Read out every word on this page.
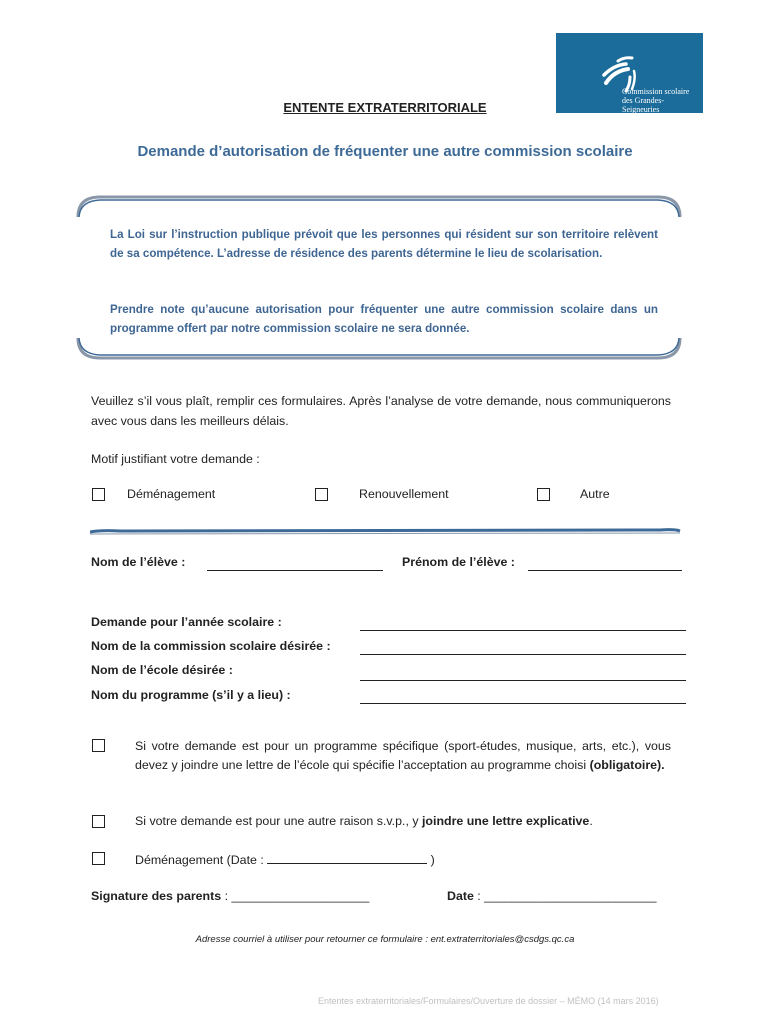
Commission scolaire
des Grandes-Seigneuries
ENTENTE EXTRATERRITORIALE
Demande d’autorisation de fréquenter une autre commission scolaire
La Loi sur l’instruction publique prévoit que les personnes qui résident sur son territoire relèvent de sa compétence. L’adresse de résidence des parents détermine le lieu de scolarisation.
Prendre note qu’aucune autorisation pour fréquenter une autre commission scolaire dans un programme offert par notre commission scolaire ne sera donnée.
Veuillez s’il vous plaît, remplir ces formulaires. Après l’analyse de votre demande, nous communiquerons avec vous dans les meilleurs délais.
Motif justifiant votre demande :
Déménagement	Renouvellement	Autre
Nom de l’élève :	Prénom de l’élève :
Demande pour l’année scolaire :
Nom de la commission scolaire désirée :
Nom de l’école désirée :
Nom du programme (s’il y a lieu) :
Si votre demande est pour un programme spécifique (sport-études, musique, arts, etc.), vous devez y joindre une lettre de l’école qui spécifie l’acceptation au programme choisi (obligatoire).
Si votre demande est pour une autre raison s.v.p., y joindre une lettre explicative.
Déménagement (Date :	)
Signature des parents : ____________________	Date : _________________________
Adresse courriel à utiliser pour retourner ce formulaire : ent.extraterritoriales@csdgs.qc.ca
Ententes extraterritoriales/Formulaires/Ouverture de dossier – MÉMO (14 mars 2016)
